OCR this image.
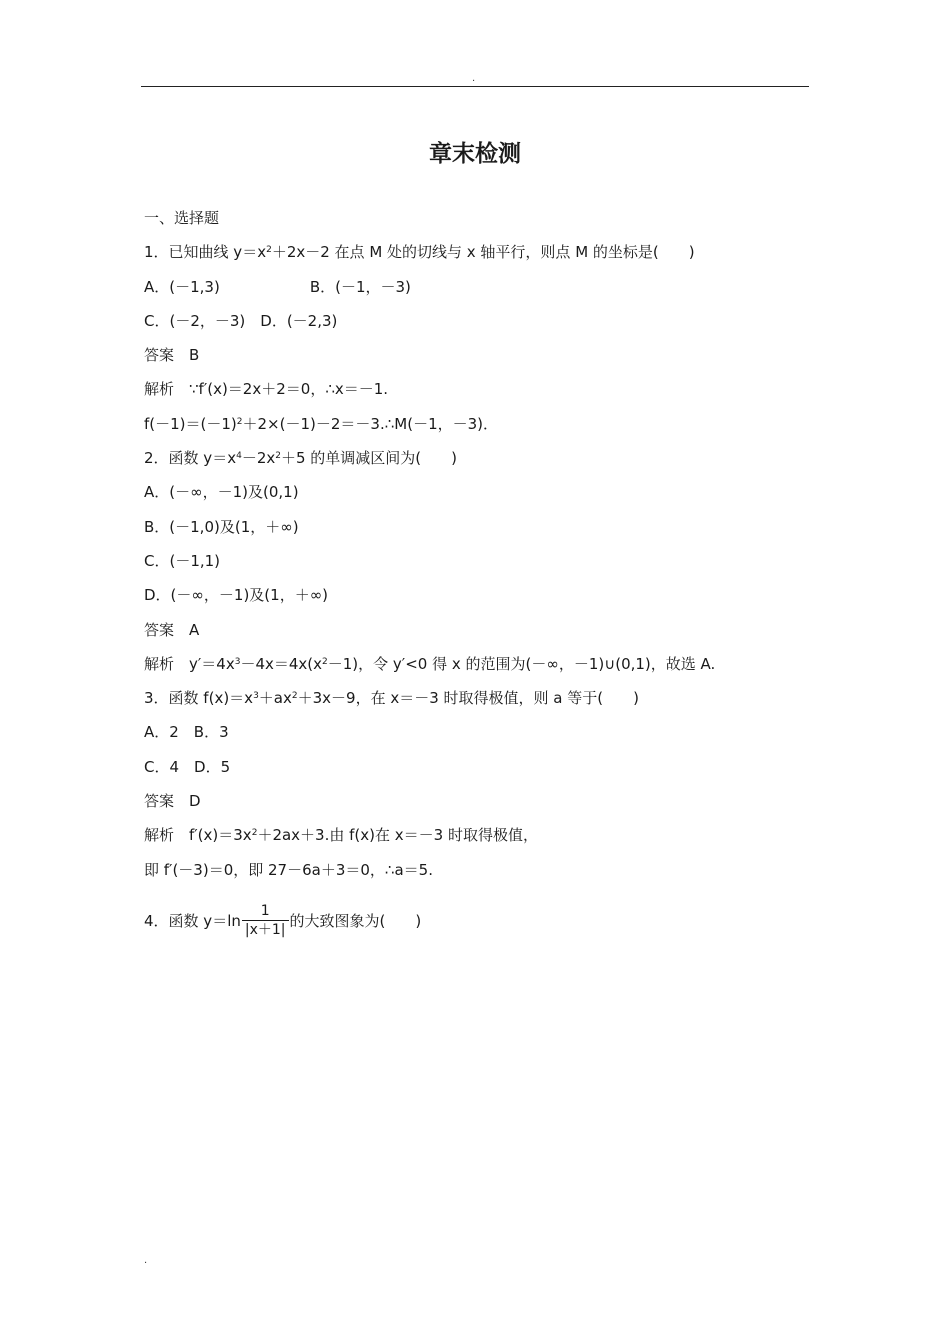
.
章末检测
一、选择题
1．已知曲线 $y=x^2+2x-2$ 在点 M 处的切线与 x 轴平行，则点 M 的坐标是(　　)
A．(－1,3)　　　　　　B．(－1，－3)
C．(－2，－3)　D．(－2,3)
答案　B
解析　∵f′(x)＝2x＋2＝0，∴x＝－1.
$f(-1)=(-1)^2+2\times(-1)-2=-3.\therefore M(-1$，－3)．
2．函数 $y=x^4-2x^2+5$ 的单调减区间为(　　)
A．(－∞，－1)及(0,1)
B．(－1,0)及(1，＋∞)
C．(－1,1)
D．(－∞，－1)及(1，＋∞)
答案　A
解析　$y'=4x^3-4x=4x(x^2-1)$，令 y′<0 得 x 的范围为(－∞，－1)∪(0,1)，故选 A.
3．函数 $f(x)=x^3+ax^2+3x-9$，在 x＝－3 时取得极值，则 a 等于(　　)
A．2　B．3
C．4　D．5
答案　D
解析　$f'(x)=3x^2+2ax+3$.由 f(x)在 x＝－3 时取得极值，
即 f′(－3)＝0，即 27－6a＋3＝0，∴a＝5.
4．函数 $y=\ln \frac{1}{|x+1|}$ 的大致图象为(　　)
.
